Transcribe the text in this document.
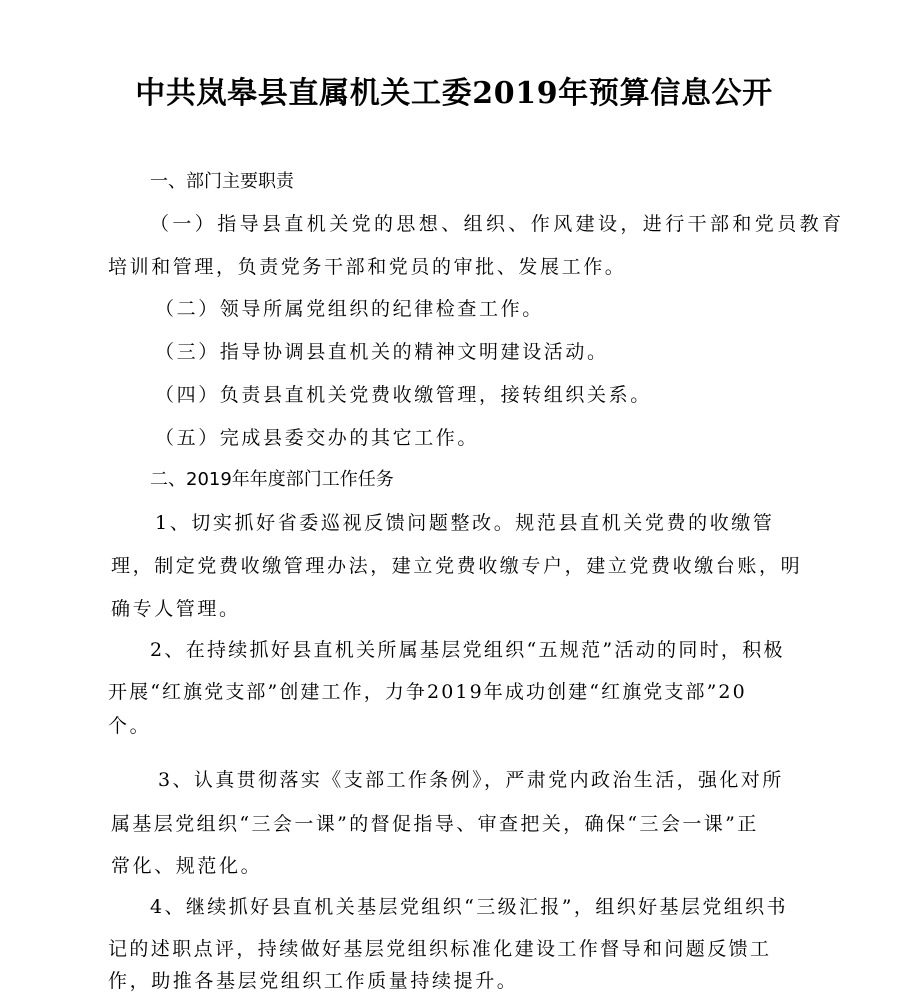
中共岚皋县直属机关工委2019年预算信息公开
一、部门主要职责

（一）指导县直机关党的思想、组织、作风建设，进行干部和党员教育

培训和管理，负责党务干部和党员的审批、发展工作。

（二）领导所属党组织的纪律检查工作。

（三）指导协调县直机关的精神文明建设活动。

（四）负责县直机关党费收缴管理，接转组织关系。

（五）完成县委交办的其它工作。

二、2019年年度部门工作任务

1、切实抓好省委巡视反馈问题整改。规范县直机关党费的收缴管

理，制定党费收缴管理办法，建立党费收缴专户，建立党费收缴台账，明

确专人管理。

2、在持续抓好县直机关所属基层党组织“五规范”活动的同时，积极

开展“红旗党支部”创建工作，力争2019年成功创建“红旗党支部”20

个。

3、认真贯彻落实《支部工作条例》，严肃党内政治生活，强化对所

属基层党组织“三会一课”的督促指导、审查把关，确保“三会一课”正

常化、规范化。

4、继续抓好县直机关基层党组织“三级汇报”，组织好基层党组织书

记的述职点评，持续做好基层党组织标准化建设工作督导和问题反馈工

作，助推各基层党组织工作质量持续提升。
